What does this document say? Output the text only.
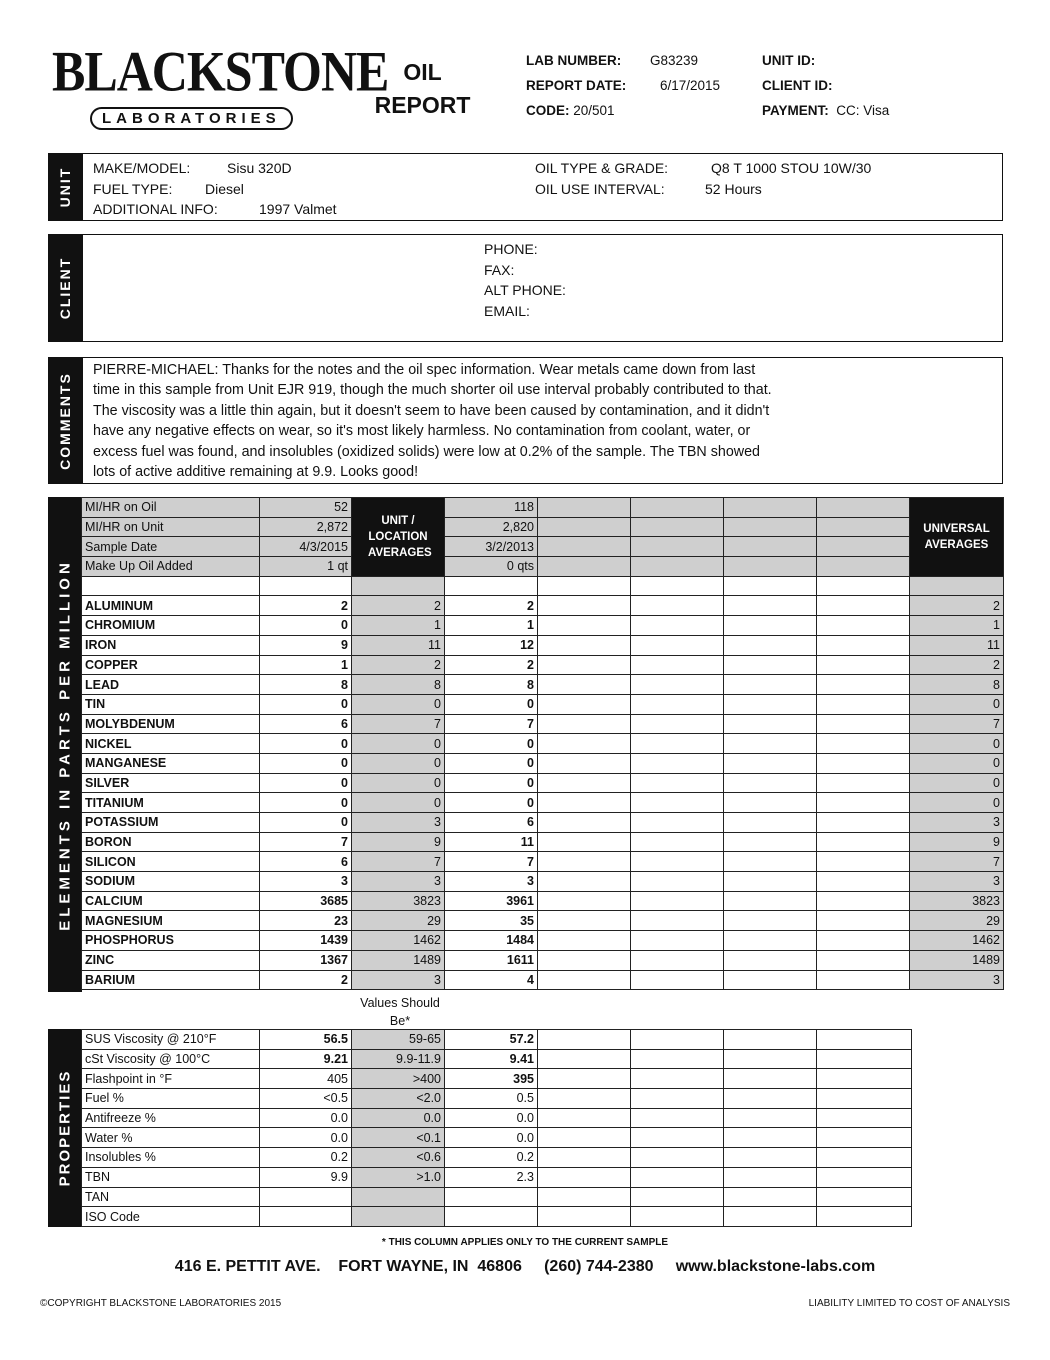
BLACKSTONE
LABORATORIES
OIL
REPORT
LAB NUMBER: G83239
REPORT DATE:	6/17/2015
CODE: 20/501
UNIT ID:
CLIENT ID:
PAYMENT: CC: Visa
UNIT MAKE/MODEL:	Sisu 320D
FUEL TYPE: Diesel
ADDITIONAL INFO:	1997 Valmet
OIL TYPE & GRADE:	Q8 T 1000 STOU 10W/30
OIL USE INTERVAL:	52 Hours
CLIENT
PHONE:
FAX:
ALT PHONE:
EMAIL:
COMMENTS
PIERRE-MICHAEL: Thanks for the notes and the oil spec information. Wear metals came down from last
time in this sample from Unit EJR 919, though the much shorter oil use interval probably contributed to that.
The viscosity was a little thin again, but it doesn't seem to have been caused by contamination, and it didn't
have any negative effects on wear, so it's most likely harmless. No contamination from coolant, water, or
excess fuel was found, and insolubles (oxidized solids) were low at 0.2% of the sample. The TBN showed
lots of active additive remaining at 9.9. Looks good!
ELEMENTS IN PARTS PER MILLION
MI/HR on Oil	52	UNIT / LOCATION AVERAGES	118					UNIVERSAL AVERAGES
MI/HR on Unit	2,872		2,820					
Sample Date	4/3/2015		3/2/2013					
Make Up Oil Added	1 qt		0 qts					

ALUMINUM	2	2	2					2
CHROMIUM	0	1	1					1
IRON	9	11	12					11
COPPER	1	2	2					2
LEAD	8	8	8					8
TIN	0	0	0					0
MOLYBDENUM	6	7	7					7
NICKEL	0	0	0					0
MANGANESE	0	0	0					0
SILVER	0	0	0					0
TITANIUM	0	0	0					0
POTASSIUM	0	3	6					3
BORON	7	9	11					9
SILICON	6	7	7					7
SODIUM	3	3	3					3
CALCIUM	3685	3823	3961					3823
MAGNESIUM	23	29	35					29
PHOSPHORUS	1439	1462	1484					1462
ZINC	1367	1489	1611					1489
BARIUM	2	3	4					3
Values Should Be*
PROPERTIES
SUS Viscosity @ 210°F	56.5	59-65	57.2				
cSt Viscosity @ 100°C	9.21	9.9-11.9	9.41				
Flashpoint in °F	405	>400	395				
Fuel %	<0.5	<2.0	0.5				
Antifreeze %	0.0	0.0	0.0				
Water %	0.0	<0.1	0.0				
Insolubles %	0.2	<0.6	0.2				
TBN	9.9	>1.0	2.3				
TAN							
ISO Code							
* THIS COLUMN APPLIES ONLY TO THE CURRENT SAMPLE
416 E. PETTIT AVE.    FORT WAYNE, IN  46806     (260) 744-2380     www.blackstone-labs.com
©COPYRIGHT BLACKSTONE LABORATORIES 2015	LIABILITY LIMITED TO COST OF ANALYSIS
